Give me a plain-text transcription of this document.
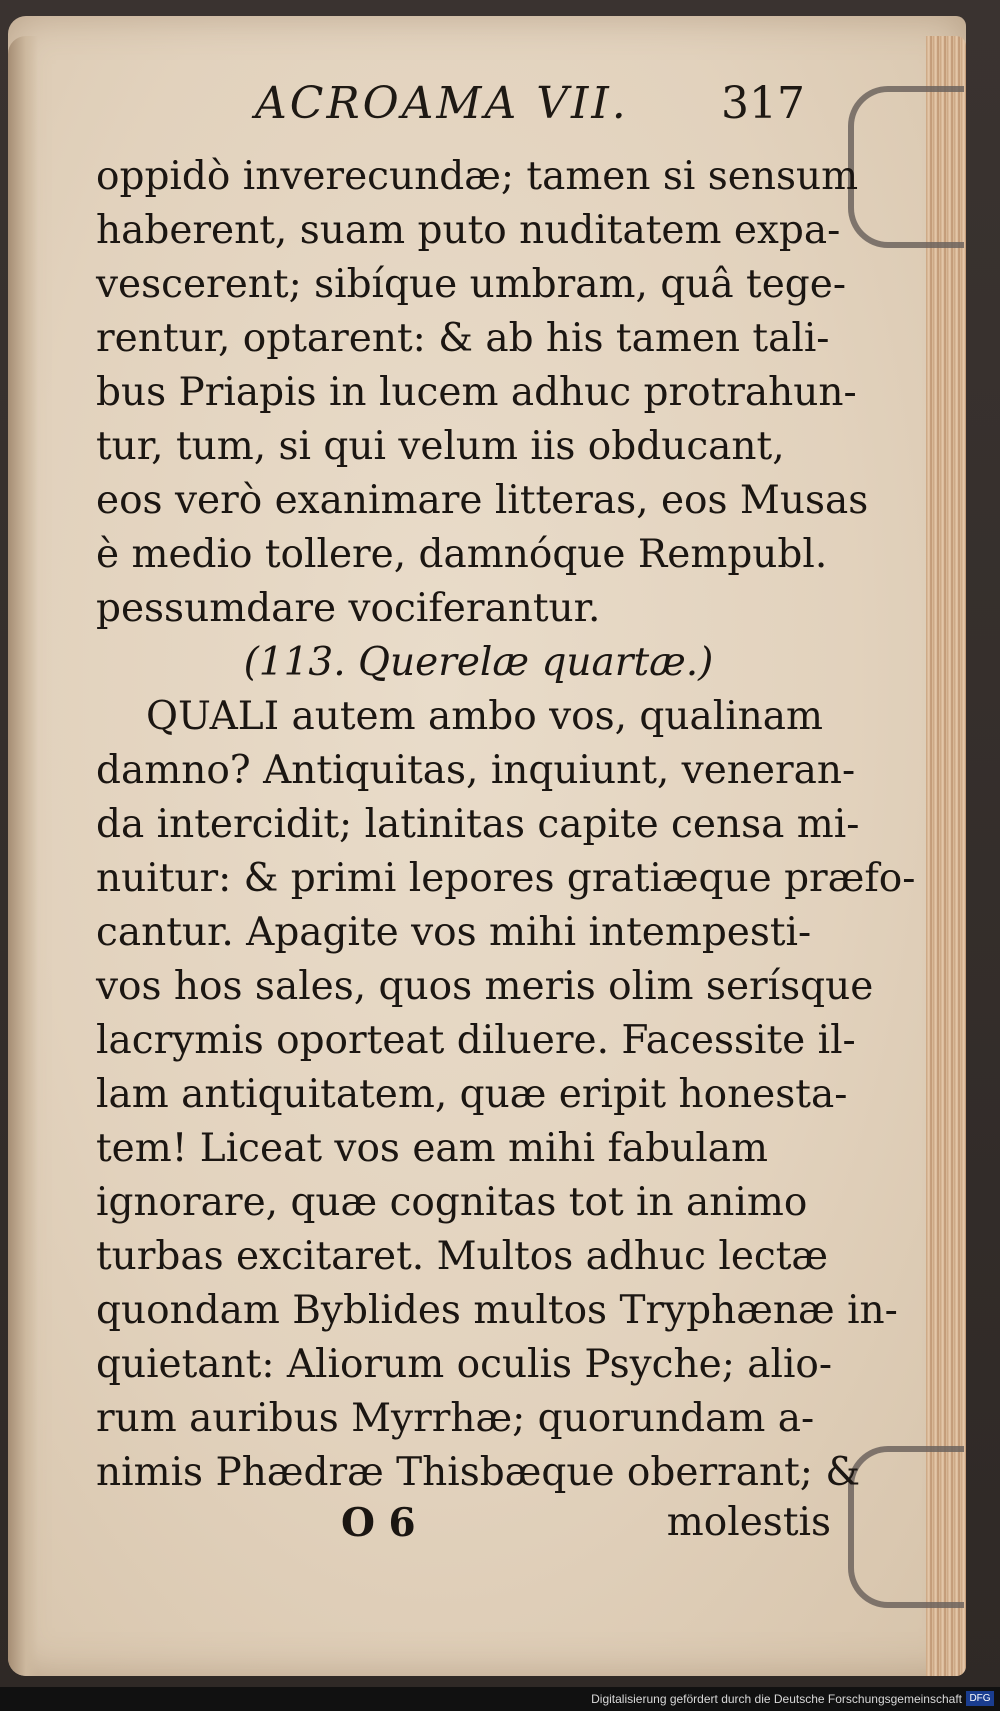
ACROAMA VII. 317
oppidò inverecundæ; tamen si sensum
haberent, suam puto nuditatem expa-
vescerent; sibíque umbram, quâ tege-
rentur, optarent: & ab his tamen tali-
bus Priapis in lucem adhuc protrahun-
tur, tum, si qui velum iis obducant,
eos verò exanimare litteras, eos Musas
è medio tollere, damnóque Rempubl.
pessumdare vociferantur.
(113. Querelæ quartæ.)
QUALI autem ambo vos, qualinam
damno? Antiquitas, inquiunt, veneran-
da intercidit; latinitas capite censa mi-
nuitur: & primi lepores gratiæque præfo-
cantur. Apagite vos mihi intempesti-
vos hos sales, quos meris olim serísque
lacrymis oporteat diluere. Facessite il-
lam antiquitatem, quæ eripit honesta-
tem! Liceat vos eam mihi fabulam
ignorare, quæ cognitas tot in animo
turbas excitaret. Multos adhuc lectæ
quondam Byblides multos Tryphænæ in-
quietant: Aliorum oculis Psyche; alio-
rum auribus Myrrhæ; quorundam a-
nimis Phædræ Thisbæque oberrant; &
O 6	molestis
Digitalisierung gefördert durch die Deutsche Forschungsgemeinschaft DFG
